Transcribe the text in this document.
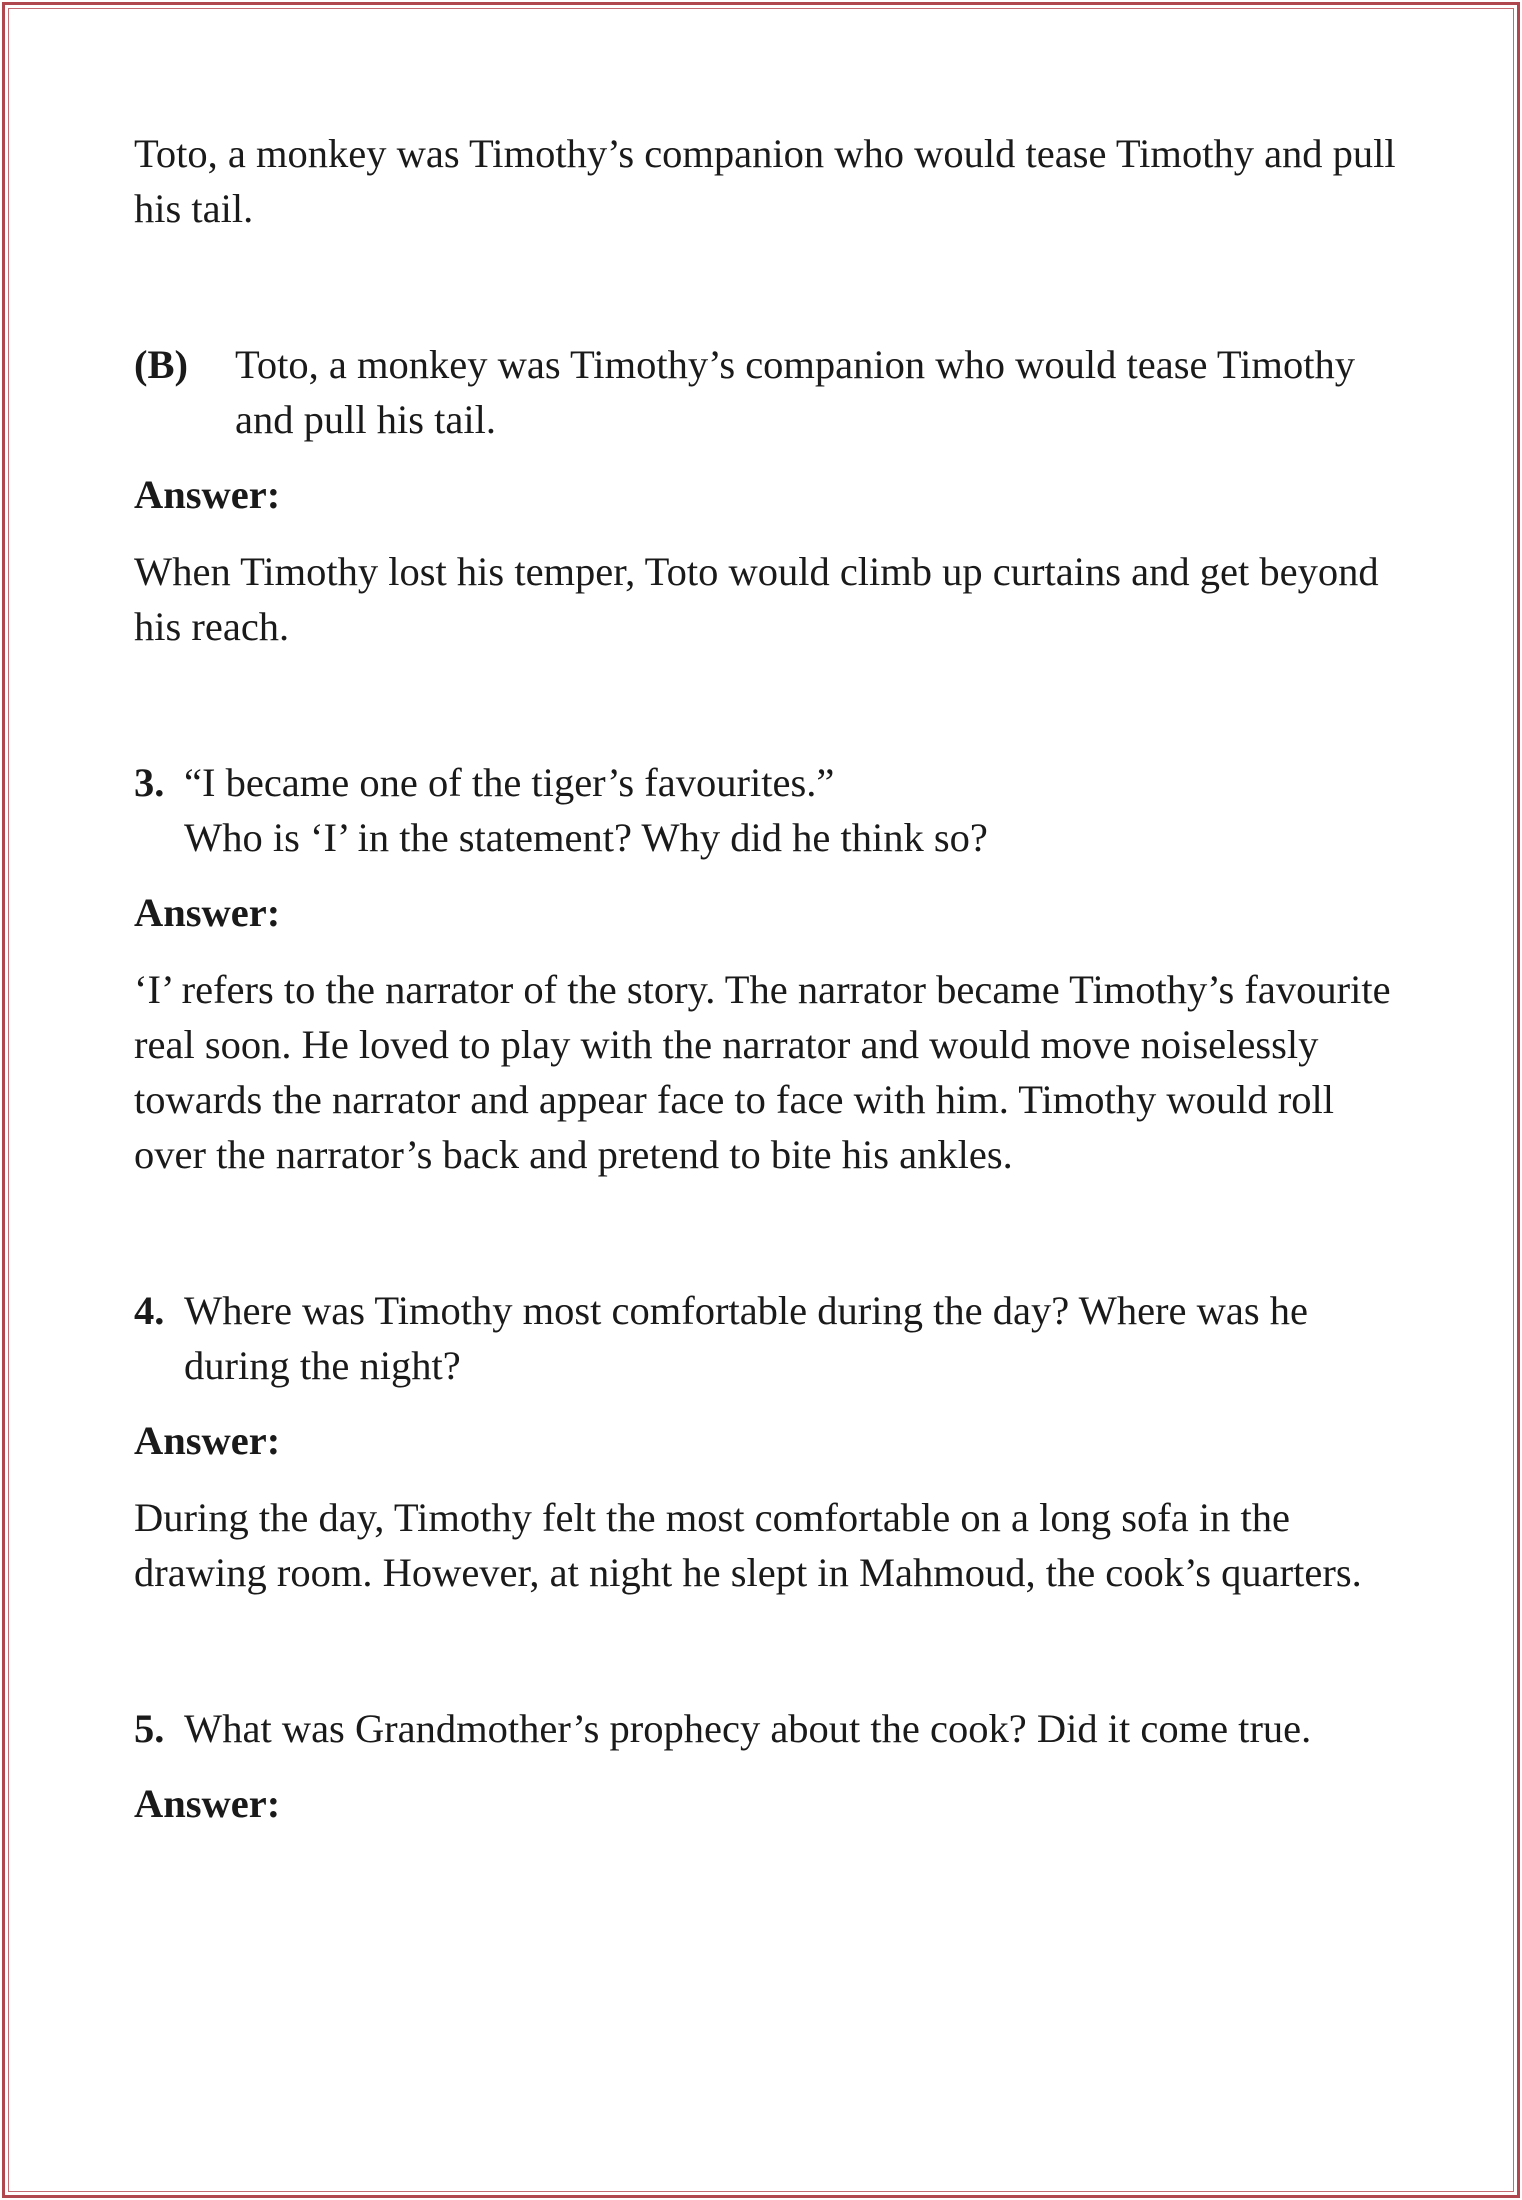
Toto, a monkey was Timothy’s companion who would tease Timothy and pull his tail.

(B)	Toto, a monkey was Timothy’s companion who would tease Timothy and pull his tail.

Answer:

When Timothy lost his temper, Toto would climb up curtains and get beyond his reach.

3. “I became one of the tiger’s favourites.”

Who is ‘I’ in the statement? Why did he think so?

Answer:

‘I’ refers to the narrator of the story. The narrator became Timothy’s favourite real soon. He loved to play with the narrator and would move noiselessly towards the narrator and appear face to face with him. Timothy would roll over the narrator’s back and pretend to bite his ankles.

4. Where was Timothy most comfortable during the day? Where was he during the night?

Answer:

During the day, Timothy felt the most comfortable on a long sofa in the drawing room. However, at night he slept in Mahmoud, the cook’s quarters.

5. What was Grandmother’s prophecy about the cook? Did it come true.

Answer:
